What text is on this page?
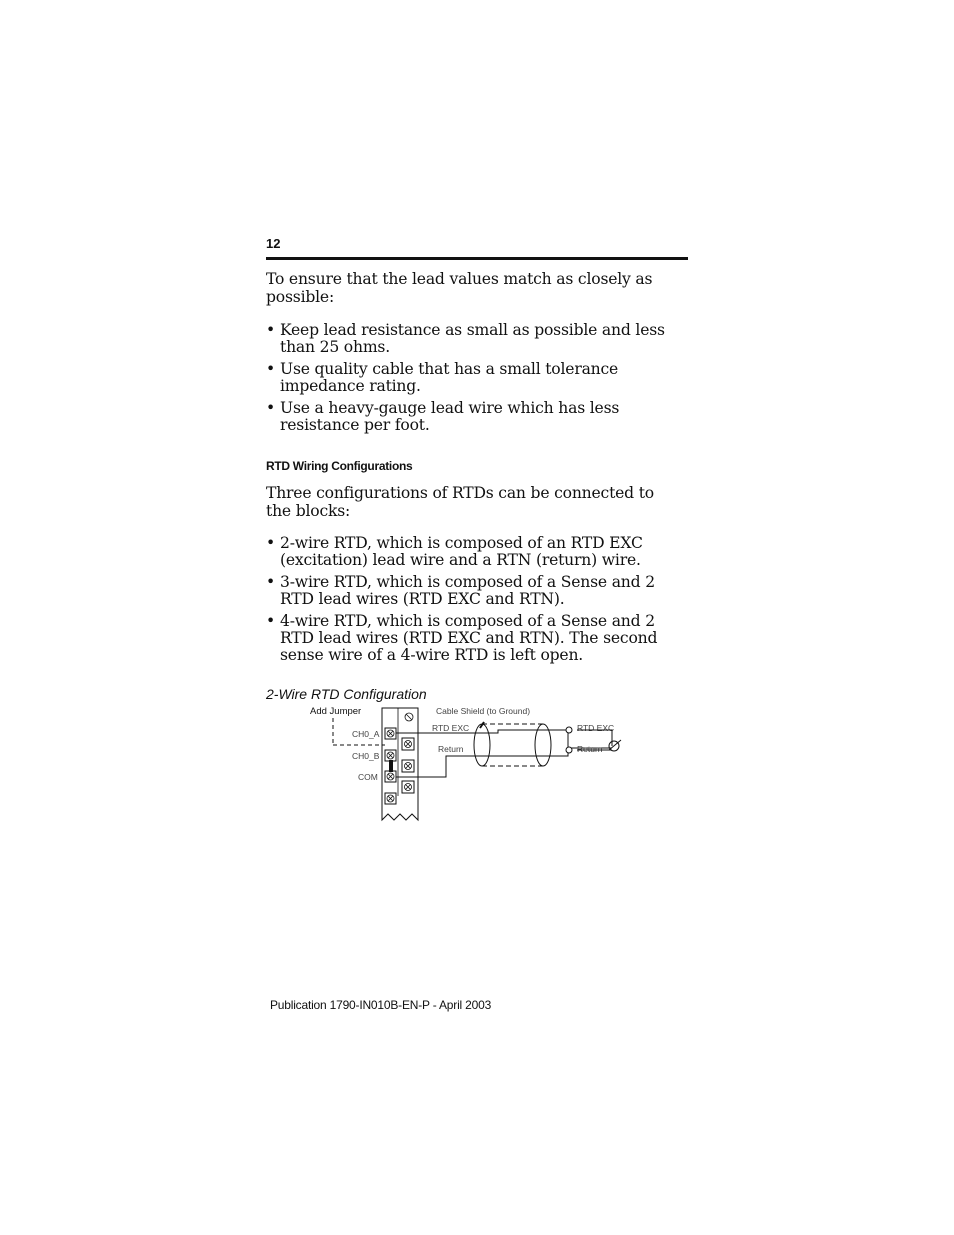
12

To ensure that the lead values match as closely as possible:

• Keep lead resistance as small as possible and less than 25 ohms.
• Use quality cable that has a small tolerance impedance rating.
• Use a heavy-gauge lead wire which has less resistance per foot.
RTD Wiring Configurations

Three configurations of RTDs can be connected to the blocks:

• 2-wire RTD, which is composed of an RTD EXC (excitation) lead wire and a RTN (return) wire.
• 3-wire RTD, which is composed of a Sense and 2 RTD lead wires (RTD EXC and RTN).
• 4-wire RTD, which is composed of a Sense and 2 RTD lead wires (RTD EXC and RTN). The second sense wire of a 4-wire RTD is left open.
2-Wire RTD Configuration
Add Jumper
CH0_A
CH0_B
COM
Cable Shield (to Ground)
RTD EXC
Return
RTD EXC
Return
Publication 1790-IN010B-EN-P - April 2003
